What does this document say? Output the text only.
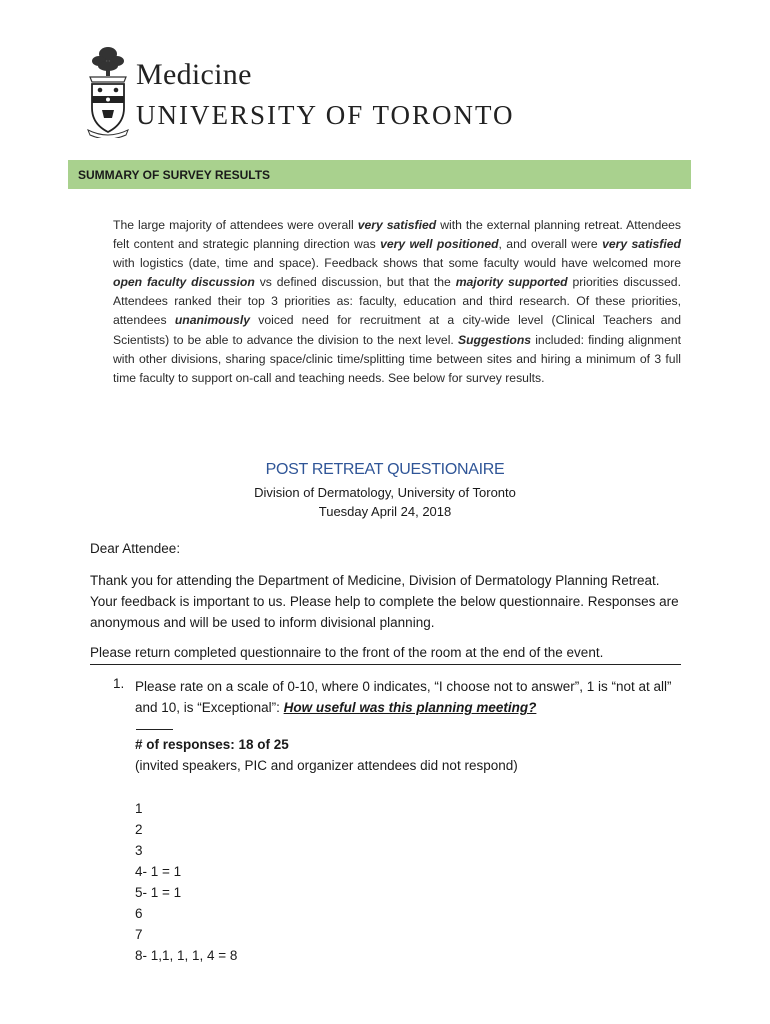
Medicine
UNIVERSITY OF TORONTO
SUMMARY OF SURVEY RESULTS

The large majority of attendees were overall very satisfied with the external planning retreat. Attendees felt content and strategic planning direction was very well positioned, and overall were very satisfied with logistics (date, time and space). Feedback shows that some faculty would have welcomed more open faculty discussion vs defined discussion, but that the majority supported priorities discussed. Attendees ranked their top 3 priorities as: faculty, education and third research. Of these priorities, attendees unanimously voiced need for recruitment at a city-wide level (Clinical Teachers and Scientists) to be able to advance the division to the next level. Suggestions included: finding alignment with other divisions, sharing space/clinic time/splitting time between sites and hiring a minimum of 3 full time faculty to support on-call and teaching needs. See below for survey results.

POST RETREAT QUESTIONAIRE
Division of Dermatology, University of Toronto
Tuesday April 24, 2018

Dear Attendee:

Thank you for attending the Department of Medicine, Division of Dermatology Planning Retreat. Your feedback is important to us. Please help to complete the below questionnaire. Responses are anonymous and will be used to inform divisional planning.

Please return completed questionnaire to the front of the room at the end of the event.

1. Please rate on a scale of 0-10, where 0 indicates, “I choose not to answer”, 1 is “not at all” and 10, is “Exceptional”: How useful was this planning meeting?

# of responses: 18 of 25
(invited speakers, PIC and organizer attendees did not respond)
1
2
3
4- 1 = 1
5- 1 = 1
6
7
8- 1,1, 1, 1, 4 = 8
